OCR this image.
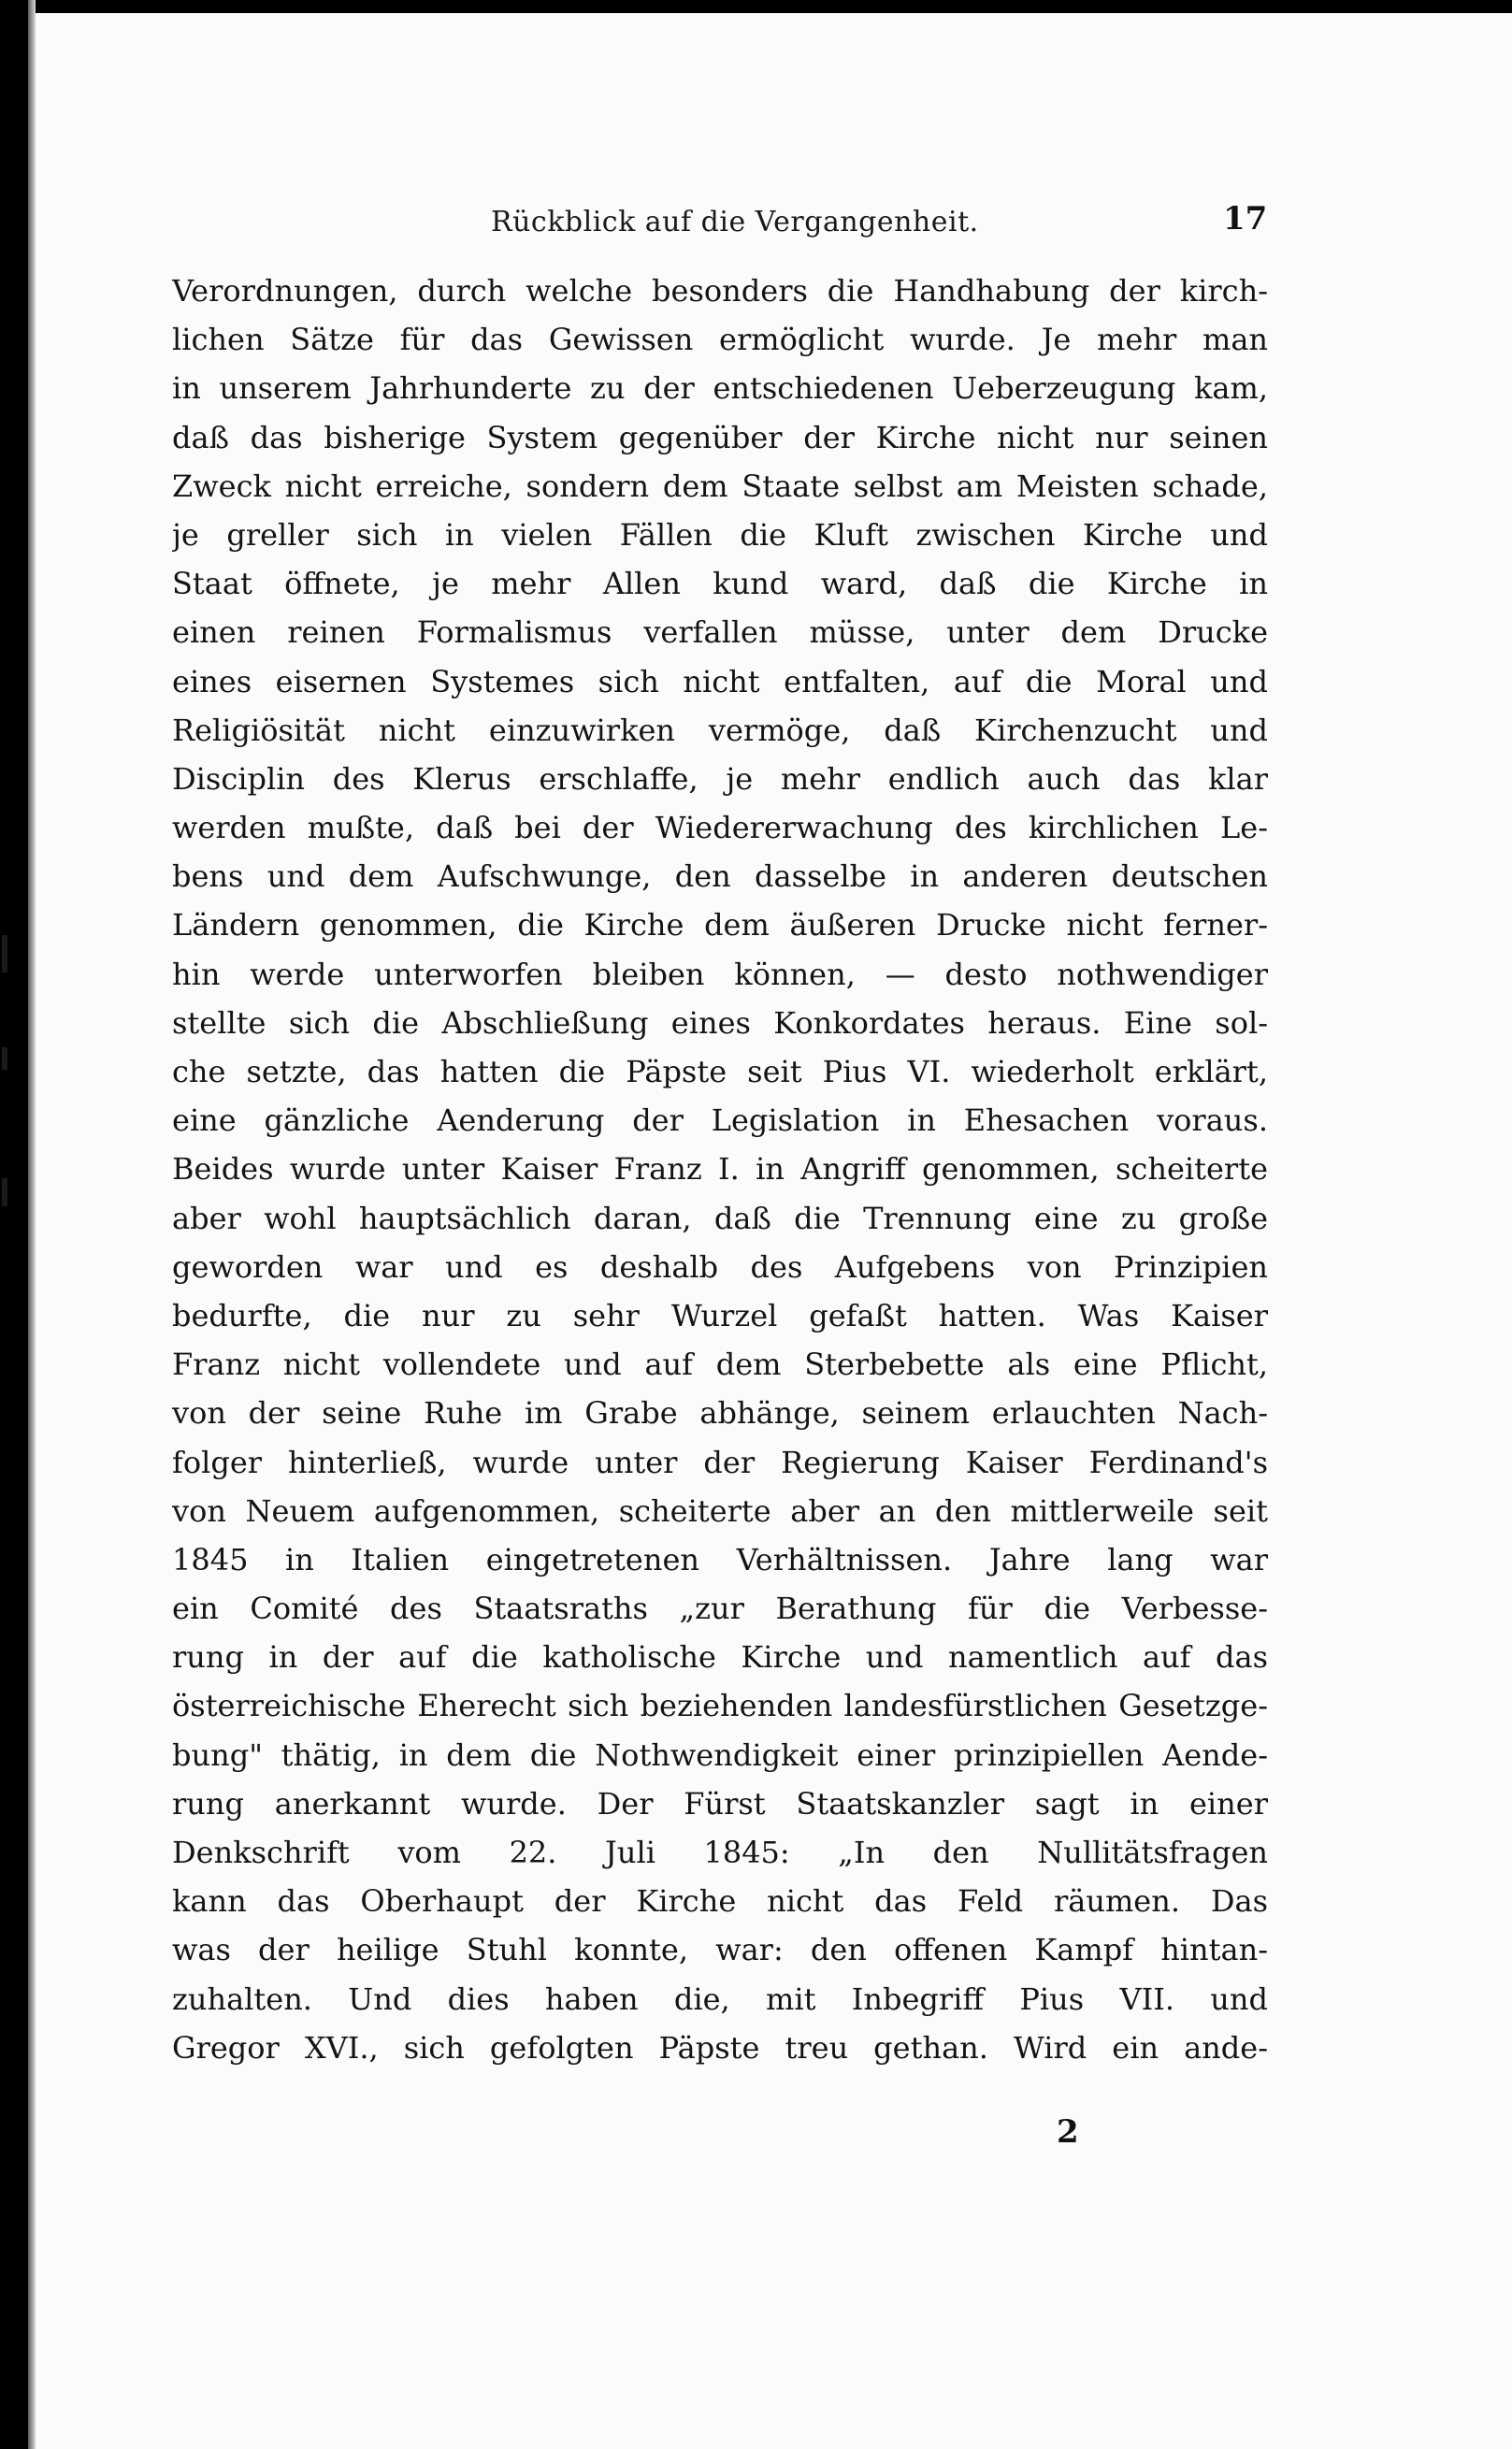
Rückblick auf die Vergangenheit.	17
Verordnungen, durch welche besonders die Handhabung der kirch-
lichen Sätze für das Gewissen ermöglicht wurde. Je mehr man
in unserem Jahrhunderte zu der entschiedenen Ueberzeugung kam,
daß das bisherige System gegenüber der Kirche nicht nur seinen
Zweck nicht erreiche, sondern dem Staate selbst am Meisten schade,
je greller sich in vielen Fällen die Kluft zwischen Kirche und
Staat öffnete, je mehr Allen kund ward, daß die Kirche in
einen reinen Formalismus verfallen müsse, unter dem Drucke
eines eisernen Systemes sich nicht entfalten, auf die Moral und
Religiösität nicht einzuwirken vermöge, daß Kirchenzucht und
Disciplin des Klerus erschlaffe, je mehr endlich auch das klar
werden mußte, daß bei der Wiedererwachung des kirchlichen Le-
bens und dem Aufschwunge, den dasselbe in anderen deutschen
Ländern genommen, die Kirche dem äußeren Drucke nicht ferner-
hin werde unterworfen bleiben können, — desto nothwendiger
stellte sich die Abschließung eines Konkordates heraus. Eine sol-
che setzte, das hatten die Päpste seit Pius VI. wiederholt erklärt,
eine gänzliche Aenderung der Legislation in Ehesachen voraus.
Beides wurde unter Kaiser Franz I. in Angriff genommen, scheiterte
aber wohl hauptsächlich daran, daß die Trennung eine zu große
geworden war und es deshalb des Aufgebens von Prinzipien
bedurfte, die nur zu sehr Wurzel gefaßt hatten. Was Kaiser
Franz nicht vollendete und auf dem Sterbebette als eine Pflicht,
von der seine Ruhe im Grabe abhänge, seinem erlauchten Nach-
folger hinterließ, wurde unter der Regierung Kaiser Ferdinand's
von Neuem aufgenommen, scheiterte aber an den mittlerweile seit
1845 in Italien eingetretenen Verhältnissen. Jahre lang war
ein Comité des Staatsraths „zur Berathung für die Verbesse-
rung in der auf die katholische Kirche und namentlich auf das
österreichische Eherecht sich beziehenden landesfürstlichen Gesetzge-
bung" thätig, in dem die Nothwendigkeit einer prinzipiellen Aende-
rung anerkannt wurde. Der Fürst Staatskanzler sagt in einer
Denkschrift vom 22. Juli 1845: „In den Nullitätsfragen
kann das Oberhaupt der Kirche nicht das Feld räumen. Das
was der heilige Stuhl konnte, war: den offenen Kampf hintan-
zuhalten. Und dies haben die, mit Inbegriff Pius VII. und
Gregor XVI., sich gefolgten Päpste treu gethan. Wird ein ande-
2
